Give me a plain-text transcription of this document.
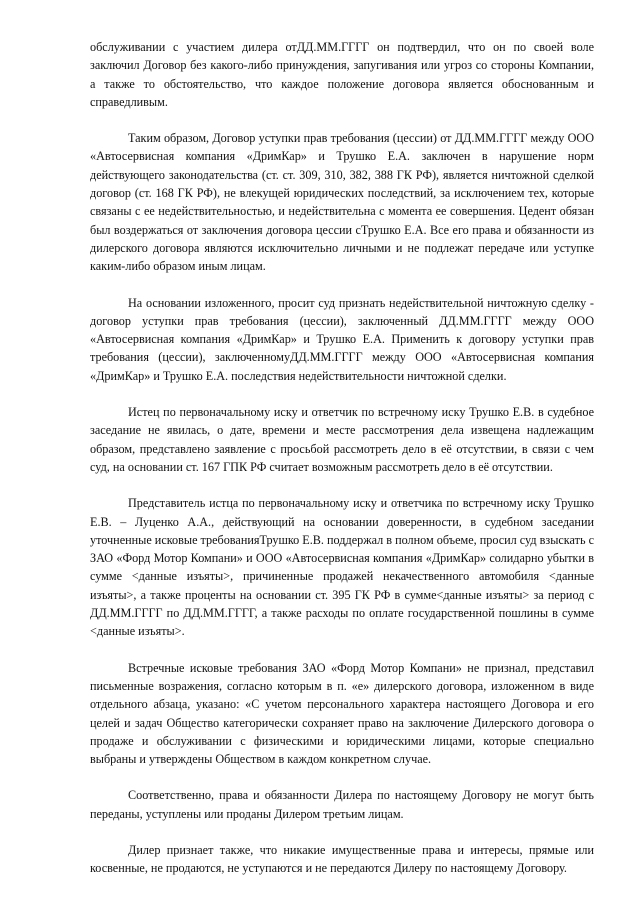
обслуживании с участием дилера отДД.ММ.ГГГГ он подтвердил, что он по своей воле заключил Договор без какого-либо принуждения, запугивания или угроз со стороны Компании, а также то обстоятельство, что каждое положение договора является обоснованным и справедливым.

Таким образом, Договор уступки прав требования (цессии) от ДД.ММ.ГГГГ между ООО «Автосервисная компания «ДримКар» и Трушко Е.А. заключен в нарушение норм действующего законодательства (ст. ст. 309, 310, 382, 388 ГК РФ), является ничтожной сделкой договор (ст. 168 ГК РФ), не влекущей юридических последствий, за исключением тех, которые связаны с ее недействительностью, и недействительна с момента ее совершения. Цедент обязан был воздержаться от заключения договора цессии сТрушко Е.А. Все его права и обязанности из дилерского договора являются исключительно личными и не подлежат передаче или уступке каким-либо образом иным лицам.

На основании изложенного, просит суд признать недействительной ничтожную сделку - договор уступки прав требования (цессии), заключенный ДД.ММ.ГГГГ между ООО «Автосервисная компания «ДримКар» и Трушко Е.А. Применить к договору уступки прав требования (цессии), заключенномуДД.ММ.ГГГГ между ООО «Автосервисная компания «ДримКар» и Трушко Е.А. последствия недействительности ничтожной сделки.

Истец по первоначальному иску и ответчик по встречному иску Трушко Е.В. в судебное заседание не явилась, о дате, времени и месте рассмотрения дела извещена надлежащим образом, представлено заявление с просьбой рассмотреть дело в её отсутствии, в связи с чем суд, на основании ст. 167 ГПК РФ считает возможным рассмотреть дело в её отсутствии.

Представитель истца по первоначальному иску и ответчика по встречному иску Трушко Е.В. – Луценко А.А., действующий на основании доверенности, в судебном заседании уточненные исковые требованияТрушко Е.В. поддержал в полном объеме, просил суд взыскать с ЗАО «Форд Мотор Компани» и ООО «Автосервисная компания «ДримКар» солидарно убытки в сумме <данные изъяты>, причиненные продажей некачественного автомобиля <данные изъяты>, а также проценты на основании ст. 395 ГК РФ в сумме<данные изъяты> за период с ДД.ММ.ГГГГ по ДД.ММ.ГГГГ, а также расходы по оплате государственной пошлины в сумме <данные изъяты>.

Встречные исковые требования ЗАО «Форд Мотор Компани» не признал, представил письменные возражения, согласно которым в п. «е» дилерского договора, изложенном в виде отдельного абзаца, указано: «С учетом персонального характера настоящего Договора и его целей и задач Общество категорически сохраняет право на заключение Дилерского договора о продаже и обслуживании с физическими и юридическими лицами, которые специально выбраны и утверждены Обществом в каждом конкретном случае.

Соответственно, права и обязанности Дилера по настоящему Договору не могут быть переданы, уступлены или проданы Дилером третьим лицам.

Дилер признает также, что никакие имущественные права и интересы, прямые или косвенные, не продаются, не уступаются и не передаются Дилеру по настоящему Договору.
